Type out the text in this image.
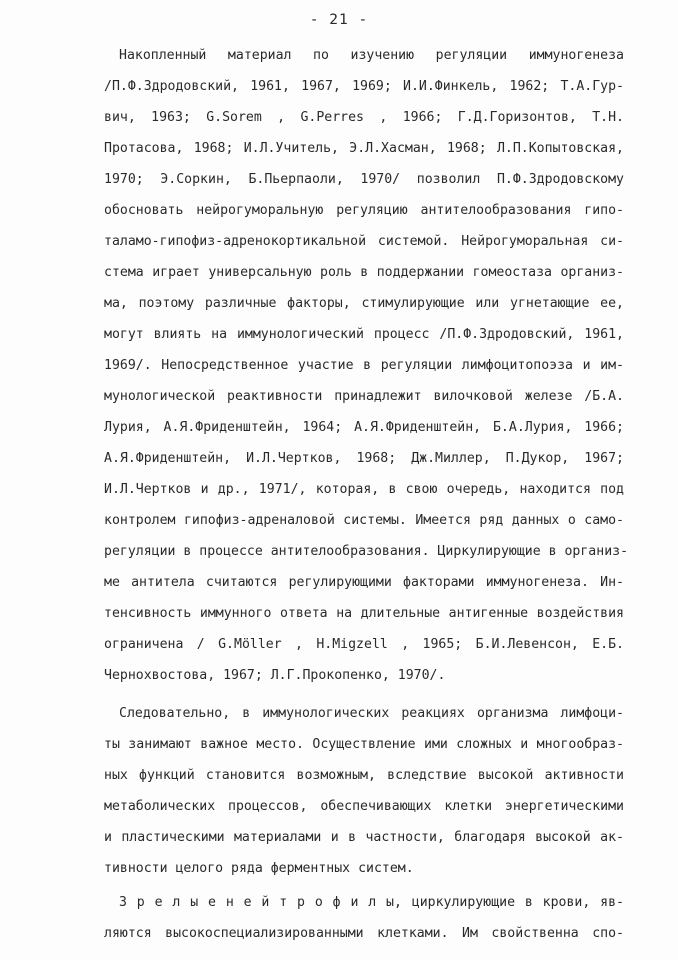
- 21 -
Накопленный материал по изучению регуляции иммуногенеза
/П.Ф.Здродовский, 1961, 1967, 1969; И.И.Финкель, 1962; Т.А.Гур-
вич, 1963; G.Sorem , G.Perres , 1966; Г.Д.Горизонтов, Т.Н.
Протасова, 1968; И.Л.Учитель, Э.Л.Хасман, 1968; Л.П.Копытовская,
1970; Э.Соркин, Б.Пьерпаоли, 1970/ позволил П.Ф.Здродовскому
обосновать нейрогуморальную регуляцию антителообразования гипо-
таламо-гипофиз-адренокортикальной системой. Нейрогуморальная си-
стема играет универсальную роль в поддержании гомеостаза организ-
ма, поэтому различные факторы, стимулирующие или угнетающие ее,
могут влиять на иммунологический процесс /П.Ф.Здродовский, 1961,
1969/. Непосредственное участие в регуляции лимфоцитопоэза и им-
мунологической реактивности принадлежит вилочковой железе /Б.А.
Лурия, А.Я.Фриденштейн, 1964; А.Я.Фриденштейн, Б.А.Лурия, 1966;
А.Я.Фриденштейн, И.Л.Чертков, 1968; Дж.Миллер, П.Дукор, 1967;
И.Л.Чертков и др., 1971/, которая, в свою очередь, находится под
контролем гипофиз-адреналовой системы. Имеется ряд данных о само-
регуляции в процессе антителообразования. Циркулирующие в организ-
ме антитела считаются регулирующими факторами иммуногенеза. Ин-
тенсивность иммунного ответа на длительные антигенные воздействия
ограничена / G.Möller , H.Migzell , 1965; Б.И.Левенсон, Е.Б.
Чернохвостова, 1967; Л.Г.Прокопенко, 1970/.
Следовательно, в иммунологических реакциях организма лимфоци-
ты занимают важное место. Осуществление ими сложных и многообраз-
ных функций становится возможным, вследствие высокой активности
метаболических процессов, обеспечивающих клетки энергетическими
и пластическими материалами и в частности, благодаря высокой ак-
тивности целого ряда ферментных систем.
З р е л ы е н е й т р о ф и л ы, циркулирующие в крови, яв-
ляются высокоспециализированными клетками. Им свойственна спо-
